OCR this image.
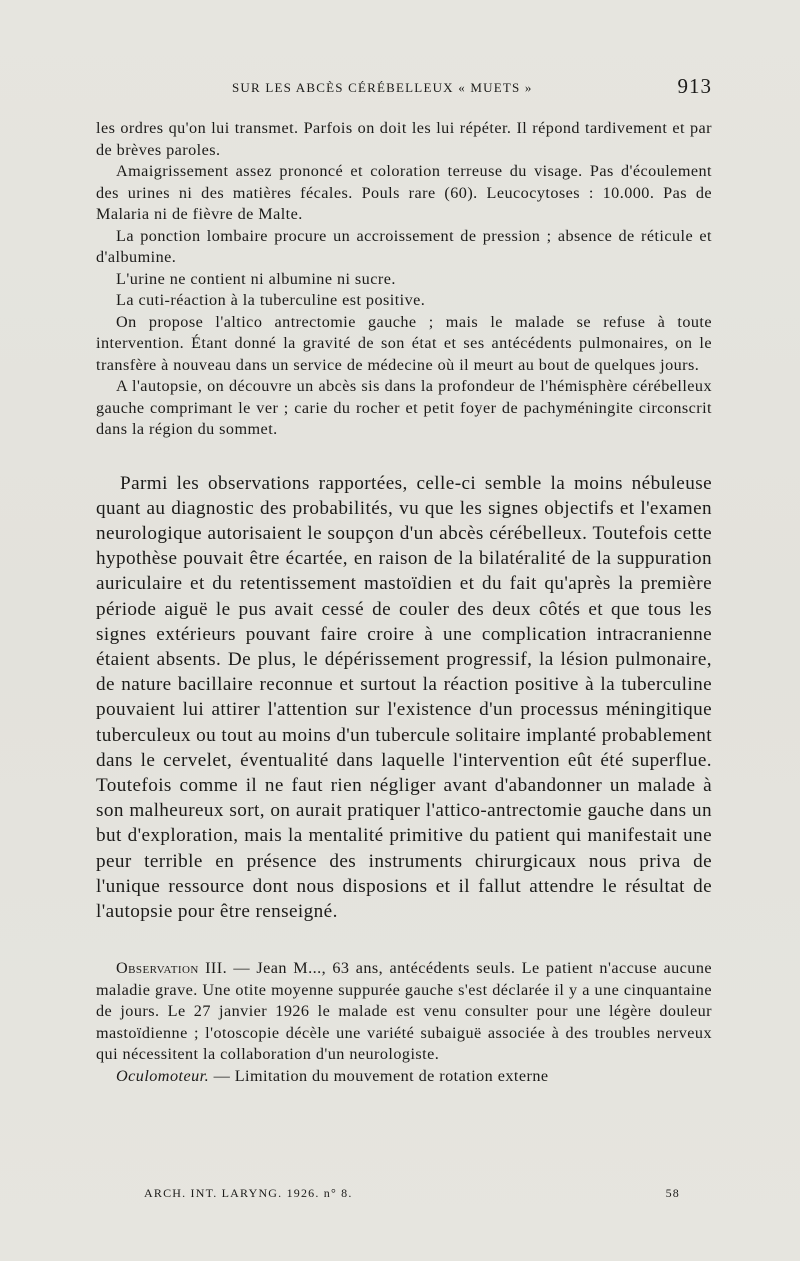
SUR LES ABCÈS CÉRÉBELLEUX « MUETS »	913

les ordres qu'on lui transmet. Parfois on doit les lui répéter. Il répond tardivement et par de brèves paroles.

Amaigrissement assez prononcé et coloration terreuse du visage. Pas d'écoulement des urines ni des matières fécales. Pouls rare (60). Leucocytoses : 10.000. Pas de Malaria ni de fièvre de Malte.

La ponction lombaire procure un accroissement de pression ; absence de réticule et d'albumine.

L'urine ne contient ni albumine ni sucre.

La cuti-réaction à la tuberculine est positive.

On propose l'altico antrectomie gauche ; mais le malade se refuse à toute intervention. Étant donné la gravité de son état et ses antécédents pulmonaires, on le transfère à nouveau dans un service de médecine où il meurt au bout de quelques jours.

A l'autopsie, on découvre un abcès sis dans la profondeur de l'hémisphère cérébelleux gauche comprimant le ver ; carie du rocher et petit foyer de pachyméningite circonscrit dans la région du sommet.

Parmi les observations rapportées, celle-ci semble la moins nébuleuse quant au diagnostic des probabilités, vu que les signes objectifs et l'examen neurologique autorisaient le soupçon d'un abcès cérébelleux. Toutefois cette hypothèse pouvait être écartée, en raison de la bilatéralité de la suppuration auriculaire et du retentissement mastoïdien et du fait qu'après la première période aiguë le pus avait cessé de couler des deux côtés et que tous les signes extérieurs pouvant faire croire à une complication intracranienne étaient absents. De plus, le dépérissement progressif, la lésion pulmonaire, de nature bacillaire reconnue et surtout la réaction positive à la tuberculine pouvaient lui attirer l'attention sur l'existence d'un processus méningitique tuberculeux ou tout au moins d'un tubercule solitaire implanté probablement dans le cervelet, éventualité dans laquelle l'intervention eût été superflue. Toutefois comme il ne faut rien négliger avant d'abandonner un malade à son malheureux sort, on aurait pratiquer l'attico-antrectomie gauche dans un but d'exploration, mais la mentalité primitive du patient qui manifestait une peur terrible en présence des instruments chirurgicaux nous priva de l'unique ressource dont nous disposions et il fallut attendre le résultat de l'autopsie pour être renseigné.

Observation III. — Jean M..., 63 ans, antécédents seuls. Le patient n'accuse aucune maladie grave. Une otite moyenne suppurée gauche s'est déclarée il y a une cinquantaine de jours. Le 27 janvier 1926 le malade est venu consulter pour une légère douleur mastoïdienne ; l'otoscopie décèle une variété subaiguë associée à des troubles nerveux qui nécessitent la collaboration d'un neurologiste.

Oculomoteur. — Limitation du mouvement de rotation externe

ARCH. INT. LARYNG. 1926. n° 8.	58
